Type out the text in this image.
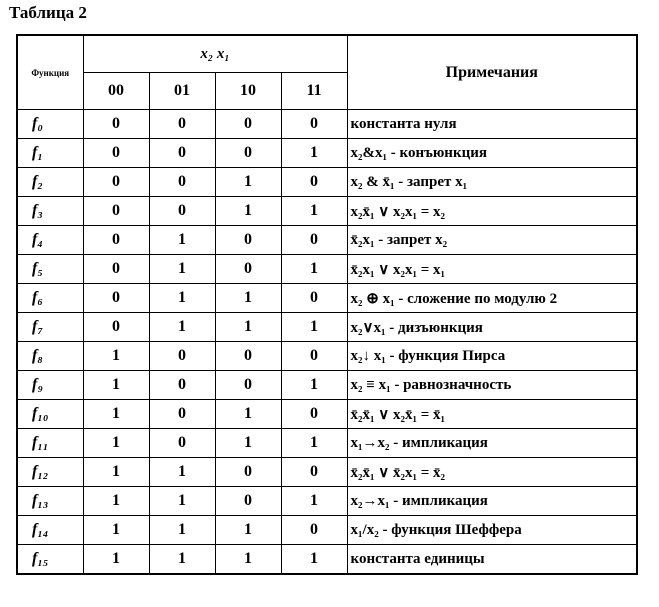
Таблица 2
Функция	x₂ x₁				Примечания
	00	01	10	11	
f₀	0	0	0	0	константа нуля
f₁	0	0	0	1	x₂&x₁ - конъюнкция
f₂	0	0	1	0	x₂ & x̄₁ - запрет x₁
f₃	0	0	1	1	x₂x̄₁ ∨ x₂x₁ = x₂
f₄	0	1	0	0	x̄₂x₁ - запрет x₂
f₅	0	1	0	1	x̄₂x₁ ∨ x₂x₁ = x₁
f₆	0	1	1	0	x₂ ⊕ x₁ - сложение по модулю 2
f₇	0	1	1	1	x₂∨x₁ - дизъюнкция
f₈	1	0	0	0	x₂↓ x₁ - функция Пирса
f₉	1	0	0	1	x₂ ≡ x₁ - равнозначность
f₁₀	1	0	1	0	x̄₂x̄₁ ∨ x₂x̄₁ = x̄₁
f₁₁	1	0	1	1	x₁→x₂ - импликация
f₁₂	1	1	0	0	x̄₂x̄₁ ∨ x̄₂x₁ = x̄₂
f₁₃	1	1	0	1	x₂→x₁ - импликация
f₁₄	1	1	1	0	x₁/x₂ - функция Шеффера
f₁₅	1	1	1	1	константа единицы
